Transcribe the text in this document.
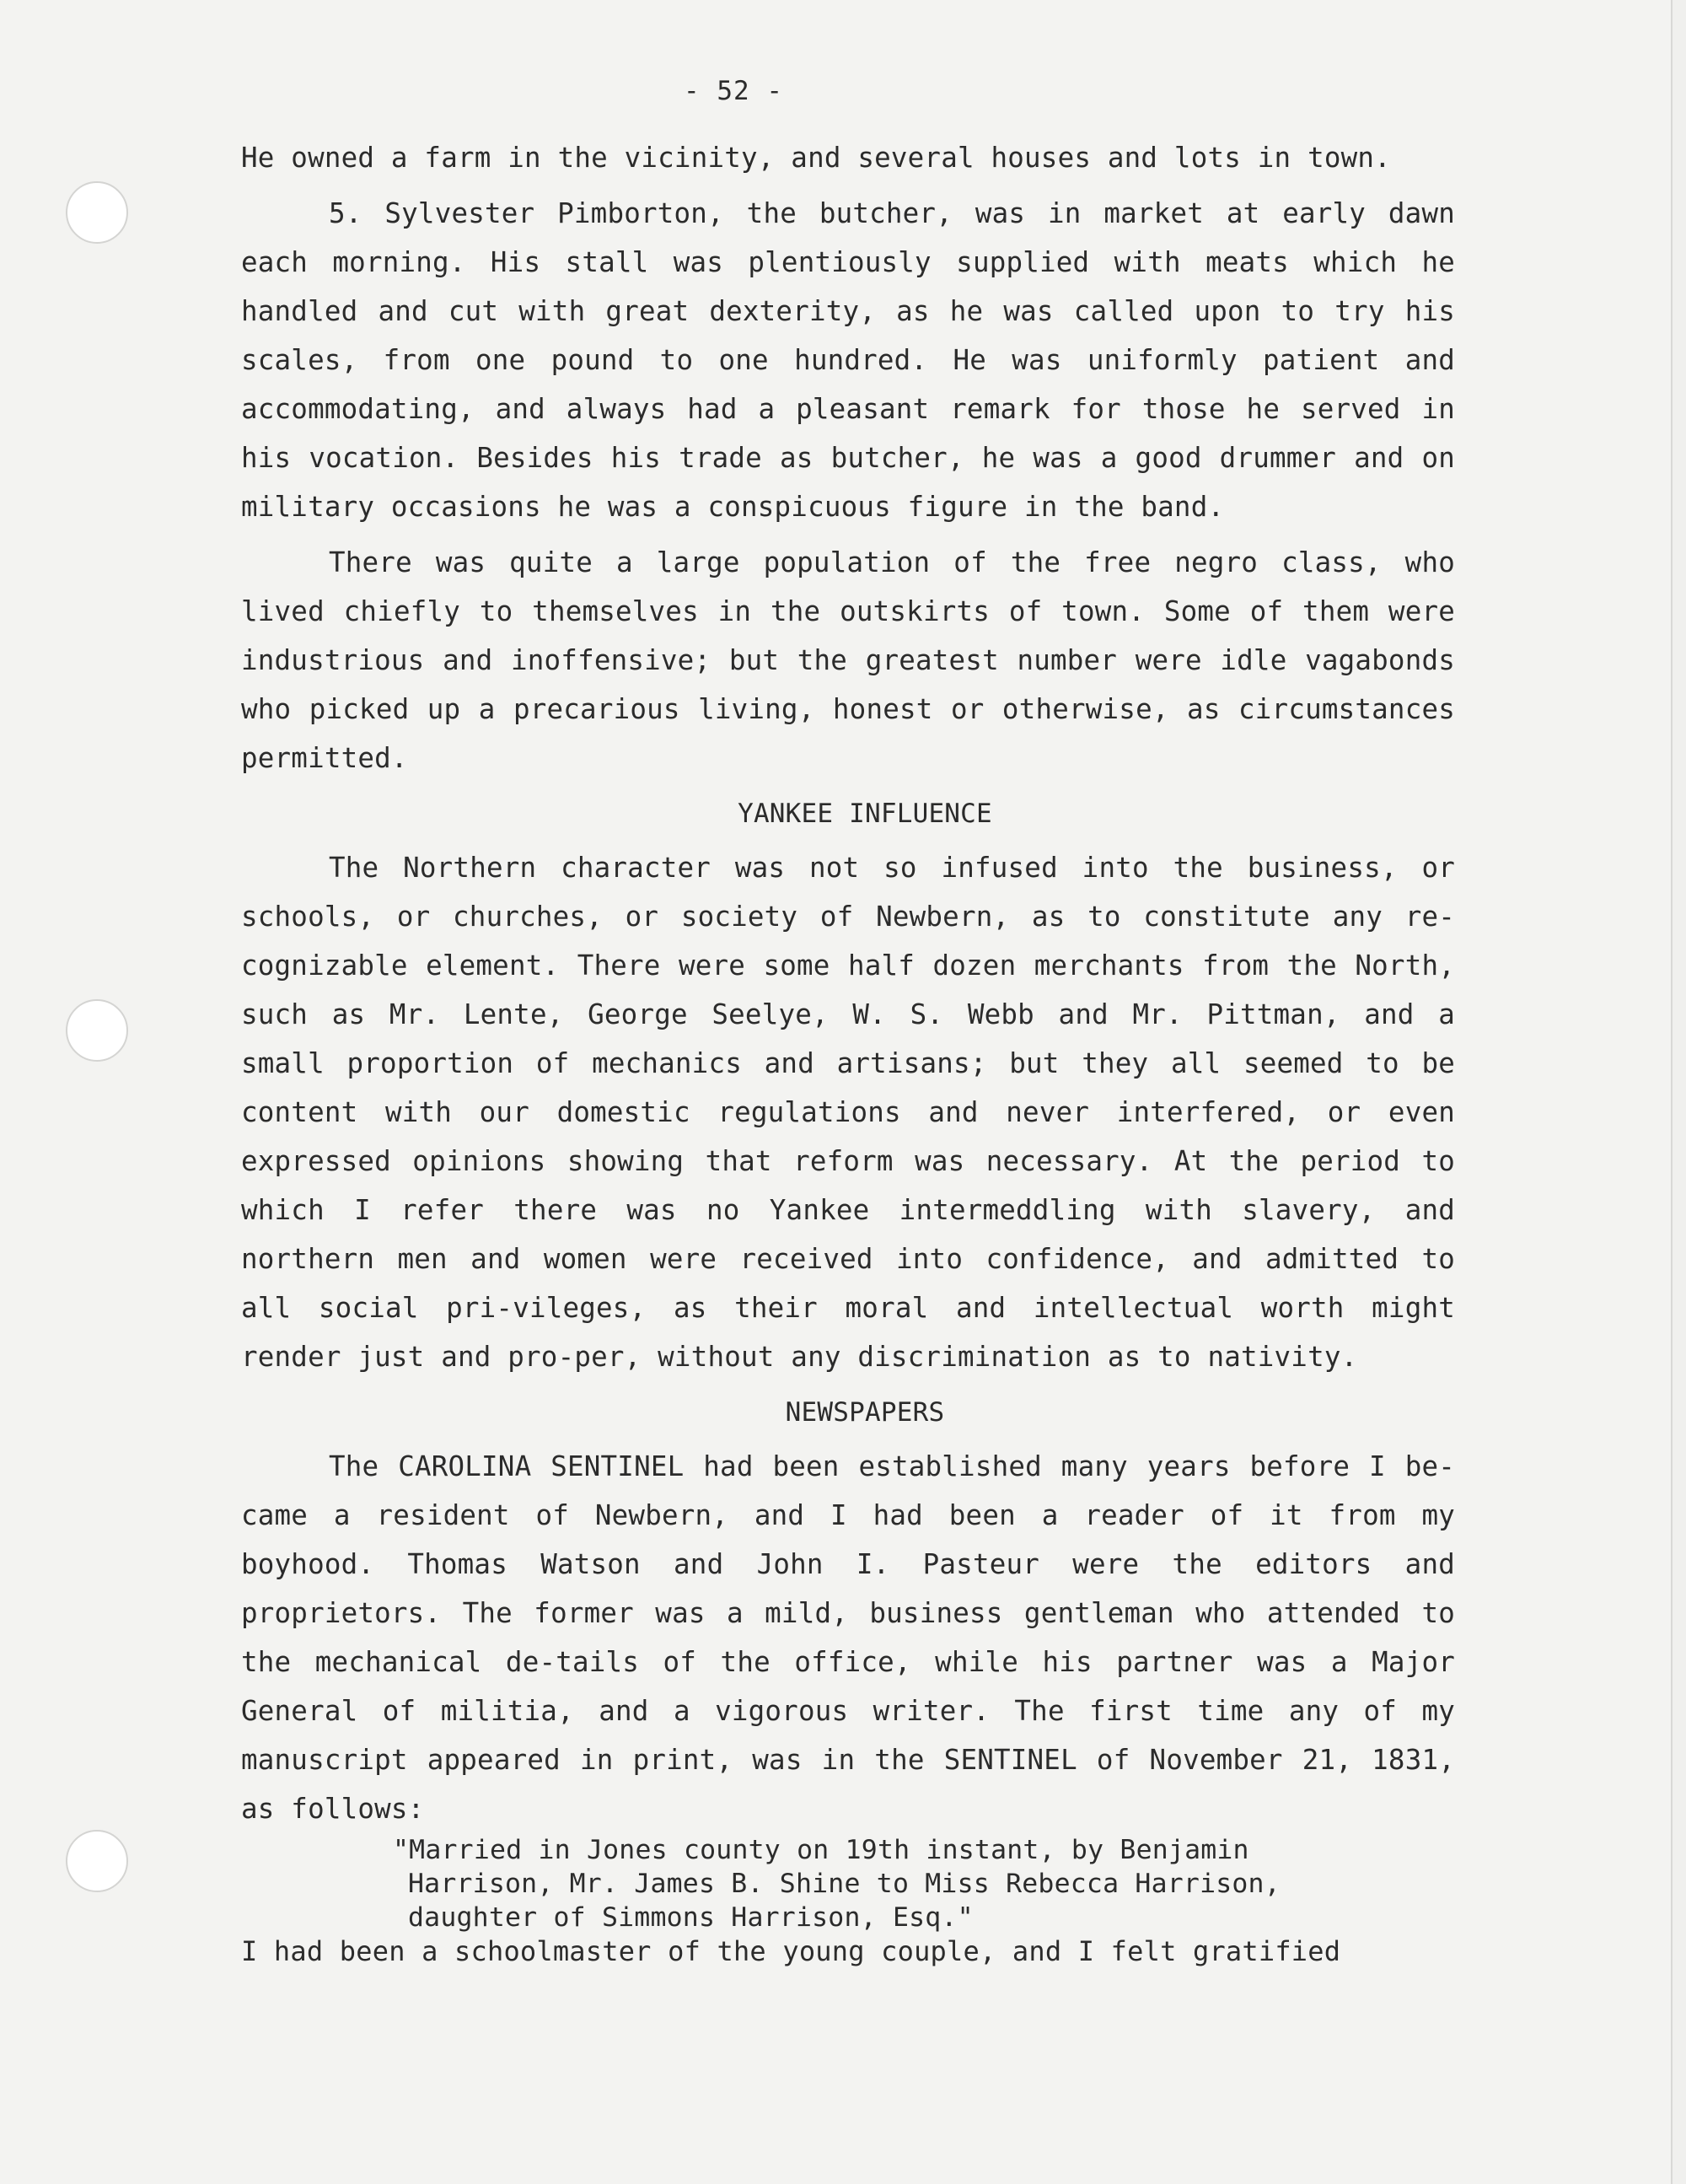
- 52 -

He owned a farm in the vicinity, and several houses and lots in town.

5. Sylvester Pimborton, the butcher, was in market at early dawn each morning. His stall was plentiously supplied with meats which he handled and cut with great dexterity, as he was called upon to try his scales, from one pound to one hundred. He was uniformly patient and accommodating, and always had a pleasant remark for those he served in his vocation. Besides his trade as butcher, he was a good drummer and on military occasions he was a conspicuous figure in the band.

There was quite a large population of the free negro class, who lived chiefly to themselves in the outskirts of town. Some of them were industrious and inoffensive; but the greatest number were idle vagabonds who picked up a precarious living, honest or otherwise, as circumstances permitted.

YANKEE INFLUENCE

The Northern character was not so infused into the business, or schools, or churches, or society of Newbern, as to constitute any re-cognizable element. There were some half dozen merchants from the North, such as Mr. Lente, George Seelye, W. S. Webb and Mr. Pittman, and a small proportion of mechanics and artisans; but they all seemed to be content with our domestic regulations and never interfered, or even expressed opinions showing that reform was necessary. At the period to which I refer there was no Yankee intermeddling with slavery, and northern men and women were received into confidence, and admitted to all social pri-vileges, as their moral and intellectual worth might render just and pro-per, without any discrimination as to nativity.

NEWSPAPERS

The CAROLINA SENTINEL had been established many years before I be-came a resident of Newbern, and I had been a reader of it from my boyhood. Thomas Watson and John I. Pasteur were the editors and proprietors. The former was a mild, business gentleman who attended to the mechanical de-tails of the office, while his partner was a Major General of militia, and a vigorous writer. The first time any of my manuscript appeared in print, was in the SENTINEL of November 21, 1831, as follows:

"Married in Jones county on 19th instant, by Benjamin
Harrison, Mr. James B. Shine to Miss Rebecca Harrison,
daughter of Simmons Harrison, Esq."

I had been a schoolmaster of the young couple, and I felt gratified
